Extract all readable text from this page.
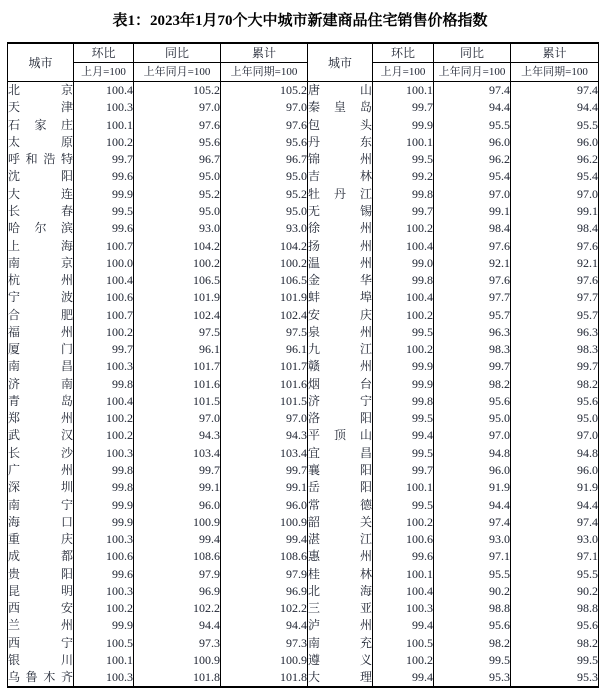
表1：2023年1月70个大中城市新建商品住宅销售价格指数
城市	环比	同比	累计	城市	环比	同比	累计
	上月=100	上年同月=100	上年同期=100		上月=100	上年同月=100	上年同期=100
北京	100.4	105.2	105.2	唐山	100.1	97.4	97.4
天津	100.3	97.0	97.0	秦皇岛	99.7	94.4	94.4
石家庄	100.1	97.6	97.6	包头	99.9	95.5	95.5
太原	100.2	95.6	95.6	丹东	100.1	96.0	96.0
呼和浩特	99.7	96.7	96.7	锦州	99.5	96.2	96.2
沈阳	99.6	95.0	95.0	吉林	99.2	95.4	95.4
大连	99.9	95.2	95.2	牡丹江	99.8	97.0	97.0
长春	99.5	95.0	95.0	无锡	99.7	99.1	99.1
哈尔滨	99.6	93.0	93.0	徐州	100.2	98.4	98.4
上海	100.7	104.2	104.2	扬州	100.4	97.6	97.6
南京	100.0	100.2	100.2	温州	99.0	92.1	92.1
杭州	100.4	106.5	106.5	金华	99.8	97.6	97.6
宁波	100.6	101.9	101.9	蚌埠	100.4	97.7	97.7
合肥	100.7	102.4	102.4	安庆	100.2	95.7	95.7
福州	100.2	97.5	97.5	泉州	99.5	96.3	96.3
厦门	99.7	96.1	96.1	九江	100.2	98.3	98.3
南昌	100.3	101.7	101.7	赣州	99.9	99.7	99.7
济南	99.8	101.6	101.6	烟台	99.9	98.2	98.2
青岛	100.4	101.5	101.5	济宁	99.8	95.6	95.6
郑州	100.2	97.0	97.0	洛阳	99.5	95.0	95.0
武汉	100.2	94.3	94.3	平顶山	99.4	97.0	97.0
长沙	100.3	103.4	103.4	宜昌	99.5	94.8	94.8
广州	99.8	99.7	99.7	襄阳	99.7	96.0	96.0
深圳	99.8	99.1	99.1	岳阳	100.1	91.9	91.9
南宁	99.9	96.0	96.0	常德	99.5	94.4	94.4
海口	99.9	100.9	100.9	韶关	100.2	97.4	97.4
重庆	100.3	99.4	99.4	湛江	100.6	93.0	93.0
成都	100.6	108.6	108.6	惠州	99.6	97.1	97.1
贵阳	99.6	97.9	97.9	桂林	100.1	95.5	95.5
昆明	100.3	96.9	96.9	北海	100.4	90.2	90.2
西安	100.2	102.2	102.2	三亚	100.3	98.8	98.8
兰州	99.9	94.4	94.4	泸州	99.4	95.6	95.6
西宁	100.5	97.3	97.3	南充	100.5	98.2	98.2
银川	100.1	100.9	100.9	遵义	100.2	99.5	99.5
乌鲁木齐	100.3	101.8	101.8	大理	99.4	95.3	95.3
